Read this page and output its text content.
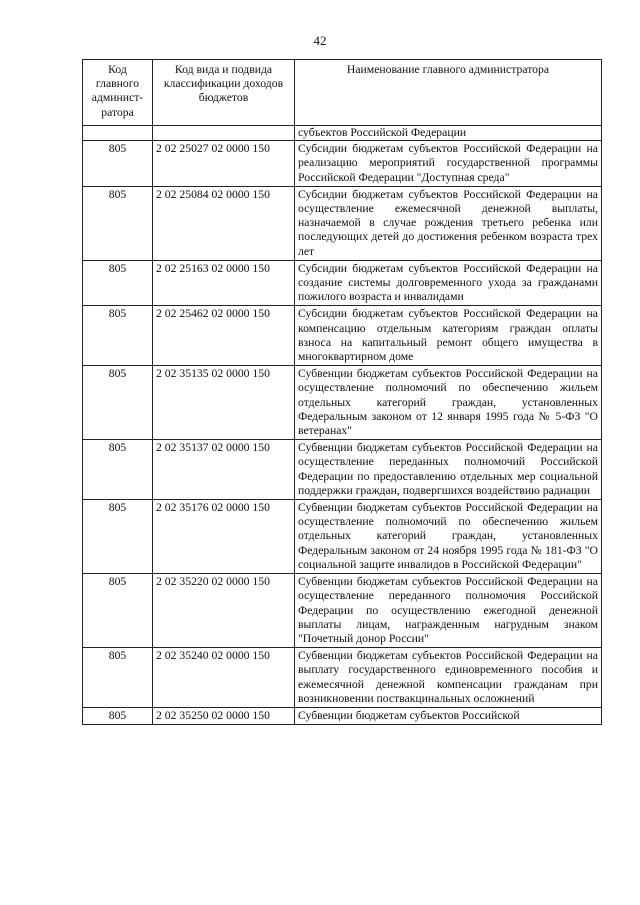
42
Код главного админист-ратора	Код вида и подвида классификации доходов бюджетов	Наименование главного администратора
		субъектов Российской Федерации
805	2 02 25027 02 0000 150	Субсидии бюджетам субъектов Российской Федерации на реализацию мероприятий государственной программы Российской Федерации "Доступная среда"
805	2 02 25084 02 0000 150	Субсидии бюджетам субъектов Российской Федерации на осуществление ежемесячной денежной выплаты, назначаемой в случае рождения третьего ребенка или последующих детей до достижения ребенком возраста трех лет
805	2 02 25163 02 0000 150	Субсидии бюджетам субъектов Российской Федерации на создание системы долговременного ухода за гражданами пожилого возраста и инвалидами
805	2 02 25462 02 0000 150	Субсидии бюджетам субъектов Российской Федерации на компенсацию отдельным категориям граждан оплаты взноса на капитальный ремонт общего имущества в многоквартирном доме
805	2 02 35135 02 0000 150	Субвенции бюджетам субъектов Российской Федерации на осуществление полномочий по обеспечению жильем отдельных категорий граждан, установленных Федеральным законом от 12 января 1995 года № 5-ФЗ "О ветеранах"
805	2 02 35137 02 0000 150	Субвенции бюджетам субъектов Российской Федерации на осуществление переданных полномочий Российской Федерации по предоставлению отдельных мер социальной поддержки граждан, подвергшихся воздействию радиации
805	2 02 35176 02 0000 150	Субвенции бюджетам субъектов Российской Федерации на осуществление полномочий по обеспечению жильем отдельных категорий граждан, установленных Федеральным законом от 24 ноября 1995 года № 181-ФЗ "О социальной защите инвалидов в Российской Федерации"
805	2 02 35220 02 0000 150	Субвенции бюджетам субъектов Российской Федерации на осуществление переданного полномочия Российской Федерации по осуществлению ежегодной денежной выплаты лицам, награжденным нагрудным знаком "Почетный донор России"
805	2 02 35240 02 0000 150	Субвенции бюджетам субъектов Российской Федерации на выплату государственного единовременного пособия и ежемесячной денежной компенсации гражданам при возникновении поствакцинальных осложнений
805	2 02 35250 02 0000 150	Субвенции бюджетам субъектов Российской
